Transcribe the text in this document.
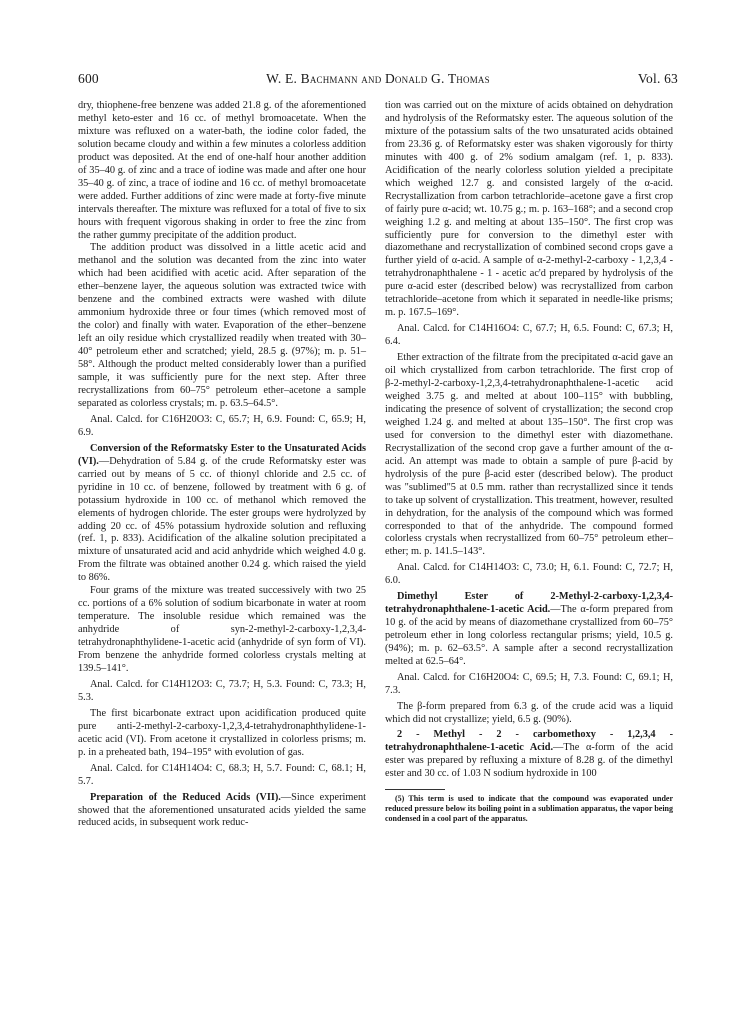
600	W. E. Bachmann and Donald G. Thomas	Vol. 63

dry, thiophene-free benzene was added 21.8 g. of the aforementioned methyl keto-ester and 16 cc. of methyl bromoacetate. When the mixture was refluxed on a water-bath, the iodine color faded, the solution became cloudy and within a few minutes a colorless addition product was deposited. At the end of one-half hour another addition of 35–40 g. of zinc and a trace of iodine was made and after one hour 35–40 g. of zinc, a trace of iodine and 16 cc. of methyl bromoacetate were added. Further additions of zinc were made at forty-five minute intervals thereafter. The mixture was refluxed for a total of five to six hours with frequent vigorous shaking in order to free the zinc from the rather gummy precipitate of the addition product.

The addition product was dissolved in a little acetic acid and methanol and the solution was decanted from the zinc into water which had been acidified with acetic acid. After separation of the ether–benzene layer, the aqueous solution was extracted twice with benzene and the combined extracts were washed with dilute ammonium hydroxide three or four times (which removed most of the color) and finally with water. Evaporation of the ether–benzene left an oily residue which crystallized readily when treated with 30–40° petroleum ether and scratched; yield, 28.5 g. (97%); m. p. 51–58°. Although the product melted considerably lower than a purified sample, it was sufficiently pure for the next step. After three recrystallizations from 60–75° petroleum ether–acetone a sample separated as colorless crystals; m. p. 63.5–64.5°.

Anal. Calcd. for C16H20O3: C, 65.7; H, 6.9. Found: C, 65.9; H, 6.9.

Conversion of the Reformatsky Ester to the Unsaturated Acids (VI).—Dehydration of 5.84 g. of the crude Reformatsky ester was carried out by means of 5 cc. of thionyl chloride and 2.5 cc. of pyridine in 10 cc. of benzene, followed by treatment with 6 g. of potassium hydroxide in 100 cc. of methanol which removed the elements of hydrogen chloride. The ester groups were hydrolyzed by adding 20 cc. of 45% potassium hydroxide solution and refluxing (ref. 1, p. 833). Acidification of the alkaline solution precipitated a mixture of unsaturated acid and acid anhydride which weighed 4.0 g. From the filtrate was obtained another 0.24 g. which raised the yield to 86%.

Four grams of the mixture was treated successively with two 25 cc. portions of a 6% solution of sodium bicarbonate in water at room temperature. The insoluble residue which remained was the anhydride of syn-2-methyl-2-carboxy-1,2,3,4-tetrahydronaphthylidene-1-acetic acid (anhydride of syn form of VI). From benzene the anhydride formed colorless crystals melting at 139.5–141°.

Anal. Calcd. for C14H12O3: C, 73.7; H, 5.3. Found: C, 73.3; H, 5.3.

The first bicarbonate extract upon acidification produced quite pure anti-2-methyl-2-carboxy-1,2,3,4-tetrahydronaphthylidene-1-acetic acid (VI). From acetone it crystallized in colorless prisms; m. p. in a preheated bath, 194–195° with evolution of gas.

Anal. Calcd. for C14H14O4: C, 68.3; H, 5.7. Found: C, 68.1; H, 5.7.

Preparation of the Reduced Acids (VII).—Since experiment showed that the aforementioned unsaturated acids yielded the same reduced acids, in subsequent work reduc-

tion was carried out on the mixture of acids obtained on dehydration and hydrolysis of the Reformatsky ester. The aqueous solution of the mixture of the potassium salts of the two unsaturated acids obtained from 23.36 g. of Reformatsky ester was shaken vigorously for thirty minutes with 400 g. of 2% sodium amalgam (ref. 1, p. 833). Acidification of the nearly colorless solution yielded a precipitate which weighed 12.7 g. and consisted largely of the α-acid. Recrystallization from carbon tetrachloride–acetone gave a first crop of fairly pure α-acid; wt. 10.75 g.; m. p. 163–168°; and a second crop weighing 1.2 g. and melting at about 135–150°. The first crop was sufficiently pure for conversion to the dimethyl ester with diazomethane and recrystallization of combined second crops gave a further yield of α-acid. A sample of α-2-methyl-2-carboxy - 1,2,3,4 - tetrahydronaphthalene - 1 - acetic ac'd prepared by hydrolysis of the pure α-acid ester (described below) was recrystallized from carbon tetrachloride–acetone from which it separated in needle-like prisms; m. p. 167.5–169°.

Anal. Calcd. for C14H16O4: C, 67.7; H, 6.5. Found: C, 67.3; H, 6.4.

Ether extraction of the filtrate from the precipitated α-acid gave an oil which crystallized from carbon tetrachloride. The first crop of β-2-methyl-2-carboxy-1,2,3,4-tetrahydronaphthalene-1-acetic acid weighed 3.75 g. and melted at about 100–115° with bubbling, indicating the presence of solvent of crystallization; the second crop weighed 1.24 g. and melted at about 135–150°. The first crop was used for conversion to the dimethyl ester with diazomethane. Recrystallization of the second crop gave a further amount of the α-acid. An attempt was made to obtain a sample of pure β-acid by hydrolysis of the pure β-acid ester (described below). The product was "sublimed"5 at 0.5 mm. rather than recrystallized since it tends to take up solvent of crystallization. This treatment, however, resulted in dehydration, for the analysis of the compound which was formed corresponded to that of the anhydride. The compound formed colorless crystals when recrystallized from 60–75° petroleum ether–ether; m. p. 141.5–143°.

Anal. Calcd. for C14H14O3: C, 73.0; H, 6.1. Found: C, 72.7; H, 6.0.

Dimethyl Ester of 2-Methyl-2-carboxy-1,2,3,4-tetrahydronaphthalene-1-acetic Acid.—The α-form prepared from 10 g. of the acid by means of diazomethane crystallized from 60–75° petroleum ether in long colorless rectangular prisms; yield, 10.5 g. (94%); m. p. 62–63.5°. A sample after a second recrystallization melted at 62.5–64°.

Anal. Calcd. for C16H20O4: C, 69.5; H, 7.3. Found: C, 69.1; H, 7.3.

The β-form prepared from 6.3 g. of the crude acid was a liquid which did not crystallize; yield, 6.5 g. (90%).

2 - Methyl - 2 - carbomethoxy - 1,2,3,4 - tetrahydronaphthalene-1-acetic Acid.—The α-form of the acid ester was prepared by refluxing a mixture of 8.28 g. of the dimethyl ester and 30 cc. of 1.03 N sodium hydroxide in 100

(5) This term is used to indicate that the compound was evaporated under reduced pressure below its boiling point in a sublimation apparatus, the vapor being condensed in a cool part of the apparatus.
